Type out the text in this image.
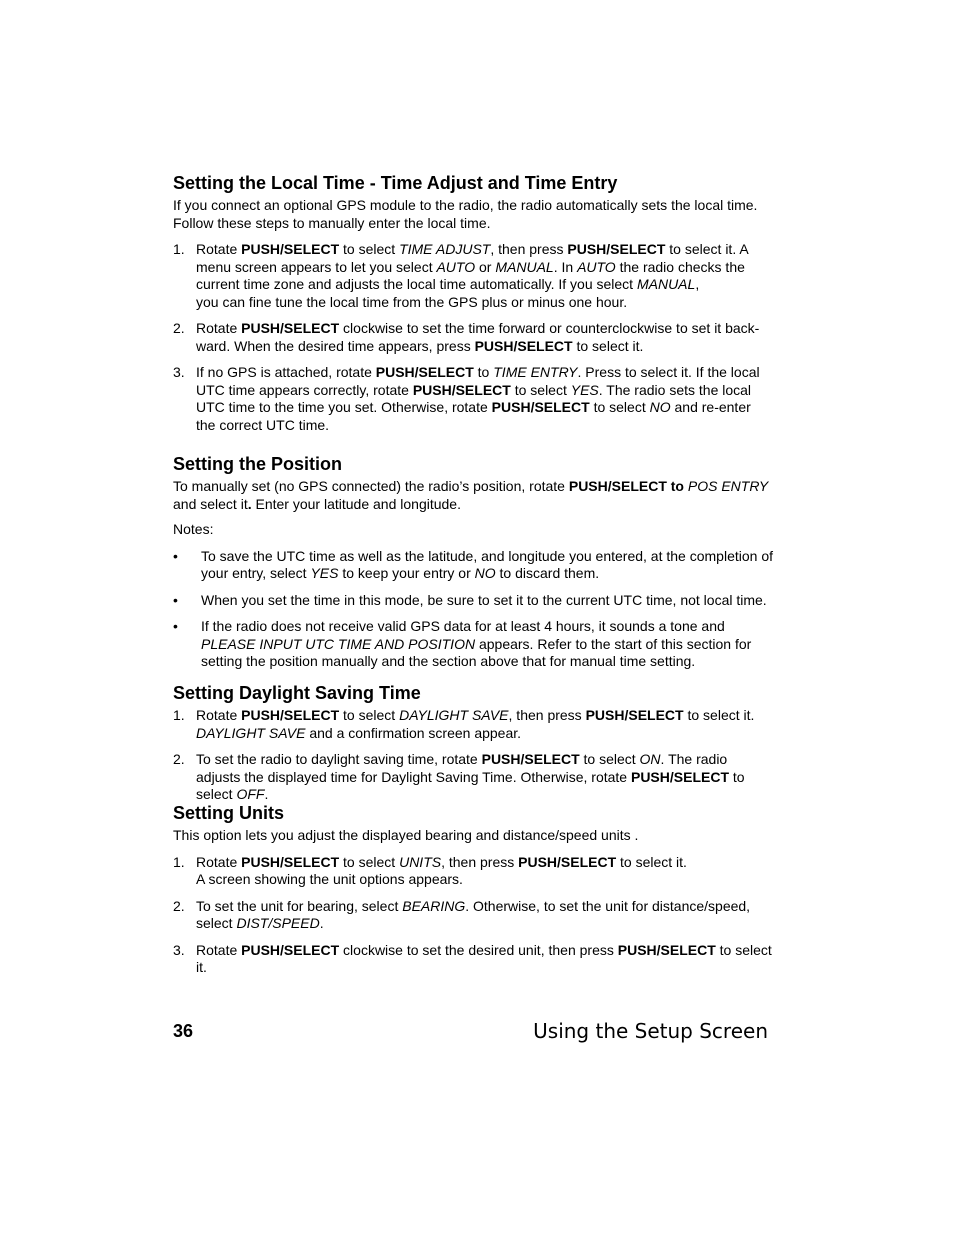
Setting the Local Time - Time Adjust and Time Entry

If you connect an optional GPS module to the radio, the radio automatically sets the local time. Follow these steps to manually enter the local time.

1. Rotate PUSH/SELECT to select TIME ADJUST, then press PUSH/SELECT to select it. A menu screen appears to let you select AUTO or MANUAL. In AUTO the radio checks the current time zone and adjusts the local time automatically. If you select MANUAL,
you can fine tune the local time from the GPS plus or minus one hour.
2. Rotate PUSH/SELECT clockwise to set the time forward or counterclockwise to set it back-ward. When the desired time appears, press PUSH/SELECT to select it.
3. If no GPS is attached, rotate PUSH/SELECT to TIME ENTRY. Press to select it. If the local UTC time appears correctly, rotate PUSH/SELECT to select YES. The radio sets the local UTC time to the time you set. Otherwise, rotate PUSH/SELECT to select NO and re-enter the correct UTC time.
Setting the Position

To manually set (no GPS connected) the radio’s position, rotate PUSH/SELECT to POS ENTRY and select it. Enter your latitude and longitude.

Notes:

• To save the UTC time as well as the latitude, and longitude you entered, at the completion of your entry, select YES to keep your entry or NO to discard them.
• When you set the time in this mode, be sure to set it to the current UTC time, not local time.
• If the radio does not receive valid GPS data for at least 4 hours, it sounds a tone and PLEASE INPUT UTC TIME AND POSITION appears. Refer to the start of this section for setting the position manually and the section above that for manual time setting.
Setting Daylight Saving Time
1. Rotate PUSH/SELECT to select DAYLIGHT SAVE, then press PUSH/SELECT to select it. DAYLIGHT SAVE and a confirmation screen appear.
2. To set the radio to daylight saving time, rotate PUSH/SELECT to select ON. The radio adjusts the displayed time for Daylight Saving Time. Otherwise, rotate PUSH/SELECT to select OFF.
Setting Units

This option lets you adjust the displayed bearing and distance/speed units .

1. Rotate PUSH/SELECT to select UNITS, then press PUSH/SELECT to select it.
A screen showing the unit options appears.
2. To set the unit for bearing, select BEARING. Otherwise, to set the unit for distance/speed, select DIST/SPEED.
3. Rotate PUSH/SELECT clockwise to set the desired unit, then press PUSH/SELECT to select it.
36	Using the Setup Screen
